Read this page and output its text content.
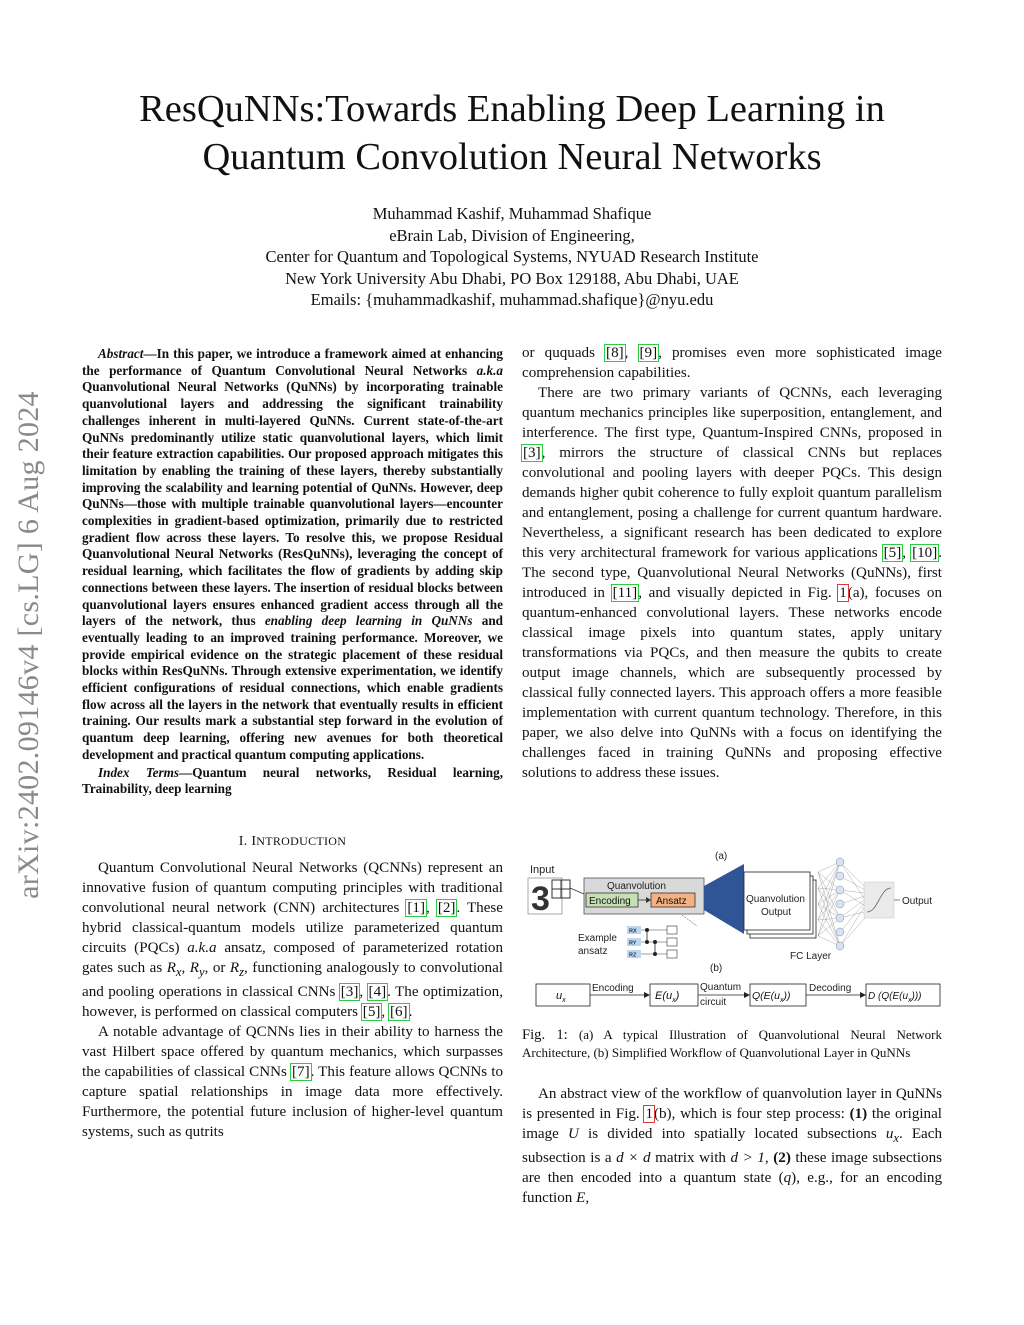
arXiv:2402.09146v4 [cs.LG] 6 Aug 2024
ResQuNNs:Towards Enabling Deep Learning in
Quantum Convolution Neural Networks
Muhammad Kashif, Muhammad Shafique
eBrain Lab, Division of Engineering,
Center for Quantum and Topological Systems, NYUAD Research Institute
New York University Abu Dhabi, PO Box 129188, Abu Dhabi, UAE
Emails: {muhammadkashif, muhammad.shafique}@nyu.edu

Abstract—In this paper, we introduce a framework aimed at enhancing the performance of Quantum Convolutional Neural Networks a.k.a Quanvolutional Neural Networks (QuNNs) by incorporating trainable quanvolutional layers and addressing the significant trainability challenges inherent in multi-layered QuNNs. Current state-of-the-art QuNNs predominantly utilize static quanvolutional layers, which limit their feature extraction capabilities. Our proposed approach mitigates this limitation by enabling the training of these layers, thereby substantially improving the scalability and learning potential of QuNNs. However, deep QuNNs—those with multiple trainable quanvolutional layers—encounter complexities in gradient-based optimization, primarily due to restricted gradient flow across these layers. To resolve this, we propose Residual Quanvolutional Neural Networks (ResQuNNs), leveraging the concept of residual learning, which facilitates the flow of gradients by adding skip connections between these layers. The insertion of residual blocks between quanvolutional layers ensures enhanced gradient access through all the layers of the network, thus enabling deep learning in QuNNs and eventually leading to an improved training performance. Moreover, we provide empirical evidence on the strategic placement of these residual blocks within ResQuNNs. Through extensive experimentation, we identify efficient configurations of residual connections, which enable gradients flow across all the layers in the network that eventually results in efficient training. Our results mark a substantial step forward in the evolution of quantum deep learning, offering new avenues for both theoretical development and practical quantum computing applications.

Index Terms—Quantum neural networks, Residual learning, Trainability, deep learning

I. INTRODUCTION

Quantum Convolutional Neural Networks (QCNNs) represent an innovative fusion of quantum computing principles with traditional convolutional neural network (CNN) architectures [1], [2]. These hybrid classical-quantum models utilize parameterized quantum circuits (PQCs) a.k.a ansatz, composed of parameterized rotation gates such as $R_x$, $R_y$, or $R_z$, functioning analogously to convolutional and pooling operations in classical CNNs [3], [4]. The optimization, however, is performed on classical computers [5], [6].

A notable advantage of QCNNs lies in their ability to harness the vast Hilbert space offered by quantum mechanics, which surpasses the capabilities of classical CNNs [7]. This feature allows QCNNs to capture spatial relationships in image data more effectively. Furthermore, the potential future inclusion of higher-level quantum systems, such as qutrits

or ququads [8], [9], promises even more sophisticated image comprehension capabilities.

There are two primary variants of QCNNs, each leveraging quantum mechanics principles like superposition, entanglement, and interference. The first type, Quantum-Inspired CNNs, proposed in [3], mirrors the structure of classical CNNs but replaces convolutional and pooling layers with deeper PQCs. This design demands higher qubit coherence to fully exploit quantum parallelism and entanglement, posing a challenge for current quantum hardware. Nevertheless, a significant research has been dedicated to explore this very architectural framework for various applications [5], [10]. The second type, Quanvolutional Neural Networks (QuNNs), first introduced in [11], and visually depicted in Fig. 1(a), focuses on quantum-enhanced convolutional layers. These networks encode classical image pixels into quantum states, apply unitary transformations via PQCs, and then measure the qubits to create output image channels, which are subsequently processed by classical fully connected layers. This approach offers a more feasible implementation with current quantum technology. Therefore, in this paper, we also delve into QuNNs with a focus on identifying the challenges faced in training QuNNs and proposing effective solutions to address these issues.

(a)
Input
3	Quanvolution
Encoding	Ansatz
Example
ansatz
RX
RY
RZ
Quanvolution
Output
Output
FC Layer
(b)
$u_x$
Encoding
$E(u_x)$
Quantum
circuit
$Q(E(u_x))$
Decoding
D $(Q(E(u_x)))$
Fig. 1: (a) A typical Illustration of Quanvolutional Neural Network Architecture, (b) Simplified Workflow of Quanvolutional Layer in QuNNs

An abstract view of the workflow of quanvolution layer in QuNNs is presented in Fig. 1(b), which is four step process: (1) the original image U is divided into spatially located subsections $u_x$. Each subsection is a d × d matrix with d > 1, (2) these image subsections are then encoded into a quantum state (q), e.g., for an encoding function E,
